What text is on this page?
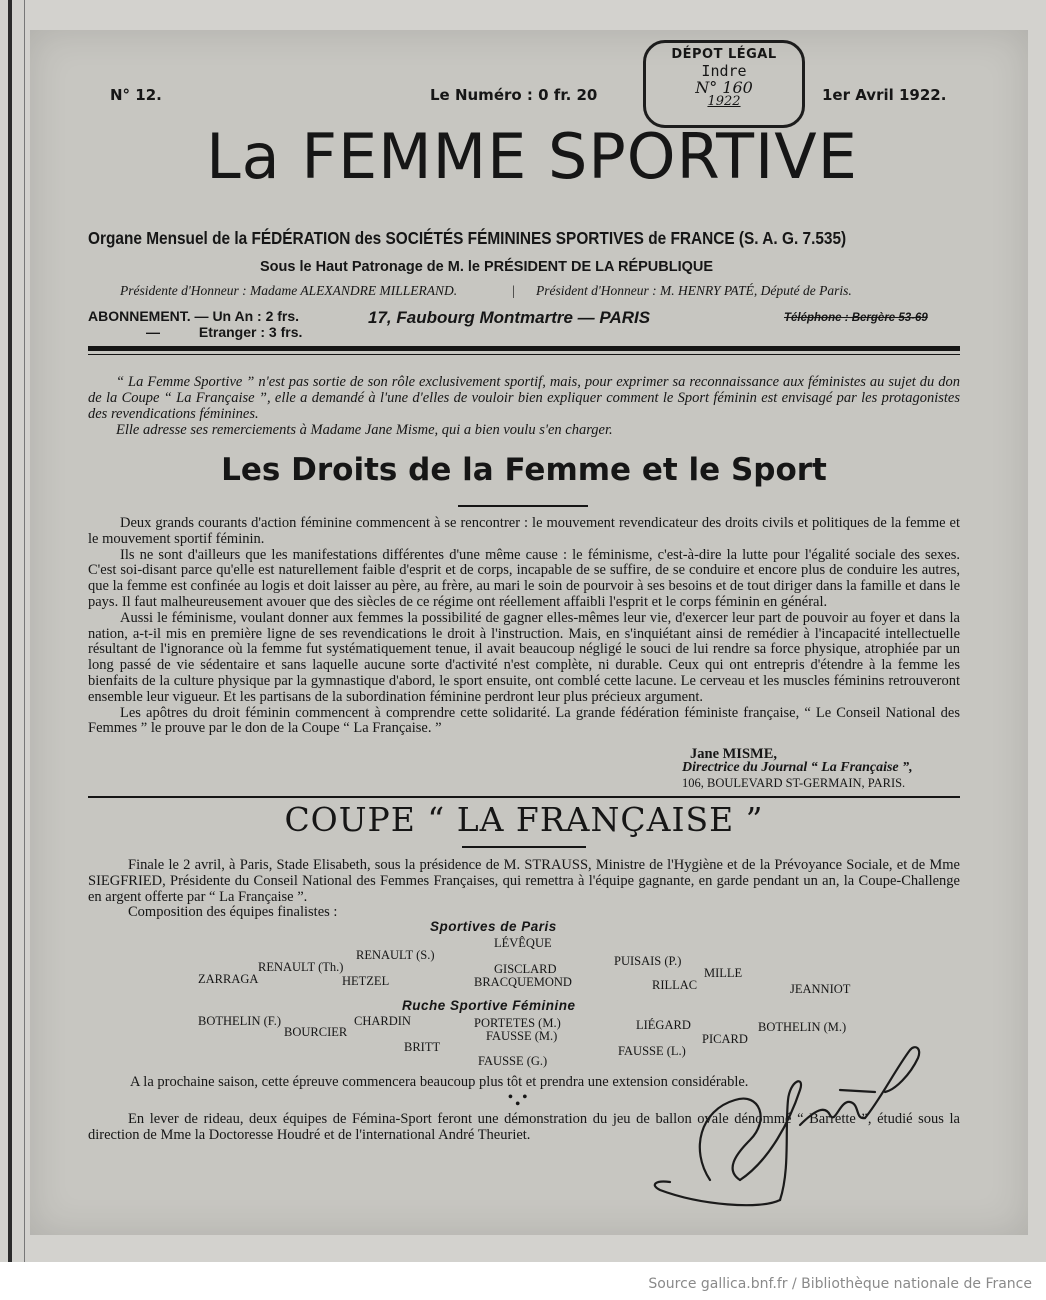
DÉPOT LÉGAL
Indre
N° 160
1922
N° 12.	Le Numéro : 0 fr. 20	1er Avril 1922.
La FEMME SPORTIVE
Organe Mensuel de la FÉDÉRATION des SOCIÉTÉS FÉMININES SPORTIVES de FRANCE (S. A. G. 7.535)
Sous le Haut Patronage de M. le PRÉSIDENT DE LA RÉPUBLIQUE
Présidente d'Honneur : Madame ALEXANDRE MILLERAND.	| Président d'Honneur : M. HENRY PATÉ, Député de Paris.
ABONNEMENT. — Un An : 2 frs.
—          Etranger : 3 frs.
17, Faubourg Montmartre — PARIS	Téléphone : Bergère 53-69

“ La Femme Sportive ” n'est pas sortie de son rôle exclusivement sportif, mais, pour exprimer sa reconnaissance aux féministes au sujet du don de la Coupe “ La Française ”, elle a demandé à l'une d'elles de vouloir bien expliquer comment le Sport féminin est envisagé par les protagonistes des revendications féminines.

Elle adresse ses remerciements à Madame Jane Misme, qui a bien voulu s'en charger.

Les Droits de la Femme et le Sport

Deux grands courants d'action féminine commencent à se rencontrer : le mouvement revendicateur des droits civils et politiques de la femme et le mouvement sportif féminin.

Ils ne sont d'ailleurs que les manifestations différentes d'une même cause : le féminisme, c'est-à-dire la lutte pour l'égalité sociale des sexes. C'est soi-disant parce qu'elle est naturellement faible d'esprit et de corps, incapable de se suffire, de se conduire et encore plus de conduire les autres, que la femme est confinée au logis et doit laisser au père, au frère, au mari le soin de pourvoir à ses besoins et de tout diriger dans la famille et dans le pays. Il faut malheureusement avouer que des siècles de ce régime ont réellement affaibli l'esprit et le corps féminin en général.

Aussi le féminisme, voulant donner aux femmes la possibilité de gagner elles-mêmes leur vie, d'exercer leur part de pouvoir au foyer et dans la nation, a-t-il mis en première ligne de ses revendications le droit à l'instruction. Mais, en s'inquiétant ainsi de remédier à l'incapacité intellectuelle résultant de l'ignorance où la femme fut systématiquement tenue, il avait beaucoup négligé le souci de lui rendre sa force physique, atrophiée par un long passé de vie sédentaire et sans laquelle aucune sorte d'activité n'est complète, ni durable. Ceux qui ont entrepris d'étendre à la femme les bienfaits de la culture physique par la gymnastique d'abord, le sport ensuite, ont comblé cette lacune. Le cerveau et les muscles féminins retrouveront ensemble leur vigueur. Et les partisans de la subordination féminine perdront leur plus précieux argument.

Les apôtres du droit féminin commencent à comprendre cette solidarité. La grande fédération féministe française, “ Le Conseil National des Femmes ” le prouve par le don de la Coupe “ La Française. ”

Jane MISME,
Directrice du Journal “ La Française ”,
106, BOULEVARD ST-GERMAIN, PARIS.
COUPE “ LA FRANÇAISE ”

Finale le 2 avril, à Paris, Stade Elisabeth, sous la présidence de M. STRAUSS, Ministre de l'Hygiène et de la Prévoyance Sociale, et de Mme SIEGFRIED, Présidente du Conseil National des Femmes Françaises, qui remettra à l'équipe gagnante, en garde pendant un an, la Coupe-Challenge en argent offerte par “ La Française ”.

Composition des équipes finalistes :

Sportives de Paris
LÉVÊQUE
RENAULT (S.)	PUISAIS (P.)
RENAULT (Th.)	GISCLARD	MILLE
ZARRAGA	HETZEL	BRACQUEMOND	RILLAC	JEANNIOT
Ruche Sportive Féminine
BOTHELIN (F.)	CHARDIN	PORTETES (M.)	LIÉGARD	BOTHELIN (M.)
BOURCIER	FAUSSE (M.)	PICARD
BRITT	FAUSSE (L.)
FAUSSE (G.)
A la prochaine saison, cette épreuve commencera beaucoup plus tôt et prendra une extension considérable.
• •
•
En lever de rideau, deux équipes de Fémina-Sport feront une démonstration du jeu de ballon ovale dénommé “ Barrette ”, étudié sous la direction de Mme la Doctoresse Houdré et de l'international André Theuriet.
Source gallica.bnf.fr / Bibliothèque nationale de France
